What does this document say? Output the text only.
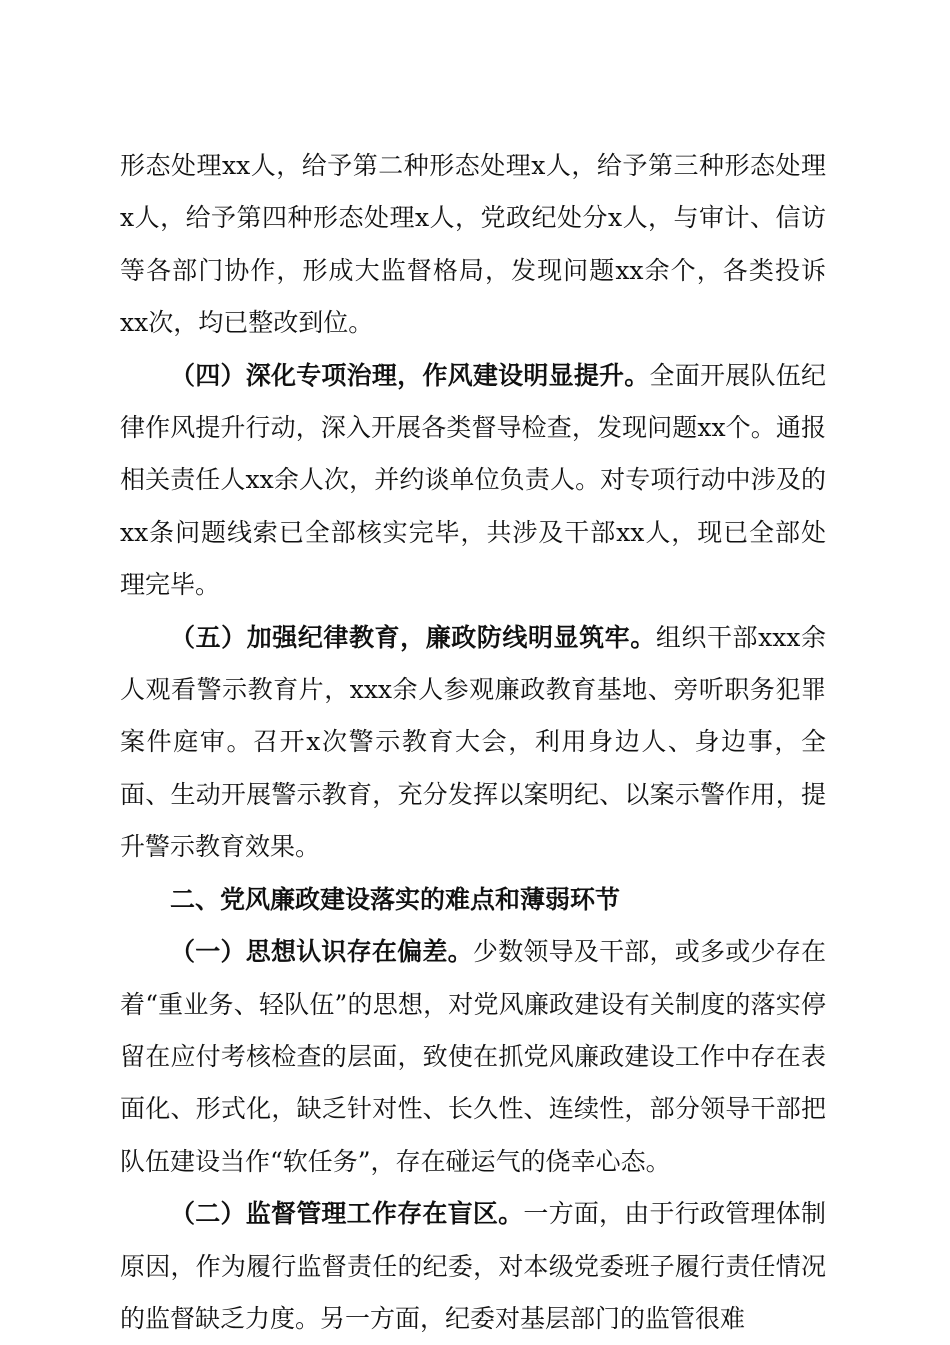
形态处理xx人，给予第二种形态处理x人，给予第三种形态处理x人，给予第四种形态处理x人，党政纪处分x人，与审计、信访等各部门协作，形成大监督格局，发现问题xx余个，各类投诉xx次，均已整改到位。

（四）深化专项治理，作风建设明显提升。全面开展队伍纪律作风提升行动，深入开展各类督导检查，发现问题xx个。通报相关责任人xx余人次，并约谈单位负责人。对专项行动中涉及的xx条问题线索已全部核实完毕，共涉及干部xx人，现已全部处理完毕。

（五）加强纪律教育，廉政防线明显筑牢。组织干部xxx余人观看警示教育片，xxx余人参观廉政教育基地、旁听职务犯罪案件庭审。召开x次警示教育大会，利用身边人、身边事，全面、生动开展警示教育，充分发挥以案明纪、以案示警作用，提升警示教育效果。

二、党风廉政建设落实的难点和薄弱环节

（一）思想认识存在偏差。少数领导及干部，或多或少存在着“重业务、轻队伍”的思想，对党风廉政建设有关制度的落实停留在应付考核检查的层面，致使在抓党风廉政建设工作中存在表面化、形式化，缺乏针对性、长久性、连续性，部分领导干部把队伍建设当作“软任务”，存在碰运气的侥幸心态。

（二）监督管理工作存在盲区。一方面，由于行政管理体制原因，作为履行监督责任的纪委，对本级党委班子履行责任情况的监督缺乏力度。另一方面，纪委对基层部门的监管很难
